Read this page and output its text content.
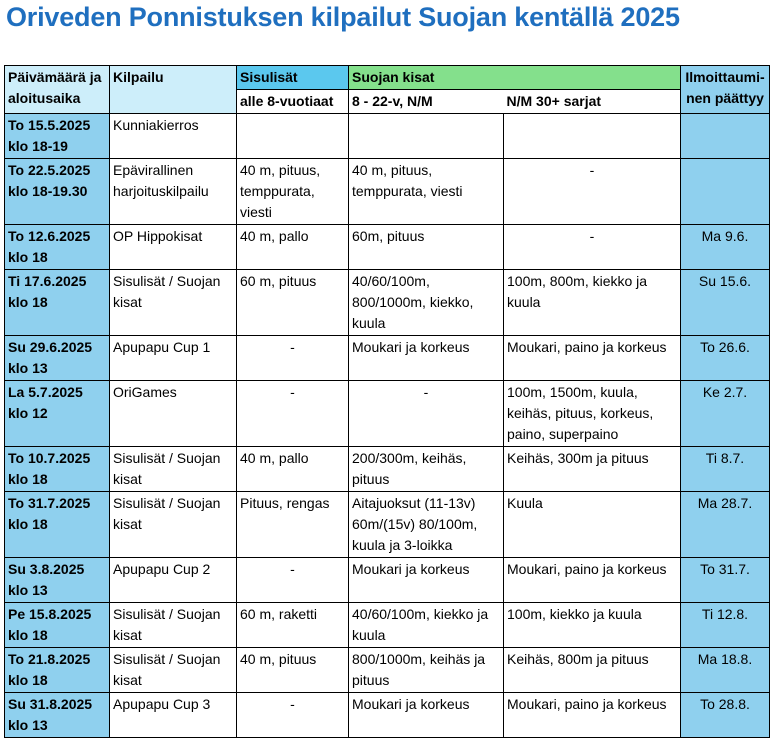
Oriveden Ponnistuksen kilpailut Suojan kentällä 2025
Päivämäärä ja aloitusaika	Kilpailu	Sisulisät	Suojan kisat		Ilmoittaumi-nen päättyy
		alle 8-vuotiaat	8 - 22-v, N/M	N/M 30+ sarjat	
To 15.5.2025 klo 18-19	Kunniakierros				
To 22.5.2025 klo 18-19.30	Epävirallinen harjoituskilpailu	40 m, pituus, temppurata, viesti	40 m, pituus, temppurata, viesti	-	
To 12.6.2025 klo 18	OP Hippokisat	40 m, pallo	60m, pituus	-	Ma 9.6.
Ti 17.6.2025 klo 18	Sisulisät / Suojan kisat	60 m, pituus	40/60/100m, 800/1000m, kiekko, kuula	100m, 800m, kiekko ja kuula	Su 15.6.
Su 29.6.2025 klo 13	Apupapu Cup 1	-	Moukari ja korkeus	Moukari, paino ja korkeus	To 26.6.
La 5.7.2025 klo 12	OriGames	-	-	100m, 1500m, kuula, keihäs, pituus, korkeus, paino, superpaino	Ke 2.7.
To 10.7.2025 klo 18	Sisulisät / Suojan kisat	40 m, pallo	200/300m, keihäs, pituus	Keihäs, 300m ja pituus	Ti 8.7.
To 31.7.2025 klo 18	Sisulisät / Suojan kisat	Pituus, rengas	Aitajuoksut (11-13v) 60m/(15v) 80/100m, kuula ja 3-loikka	Kuula	Ma 28.7.
Su 3.8.2025 klo 13	Apupapu Cup 2	-	Moukari ja korkeus	Moukari, paino ja korkeus	To 31.7.
Pe 15.8.2025 klo 18	Sisulisät / Suojan kisat	60 m, raketti	40/60/100m, kiekko ja kuula	100m, kiekko ja kuula	Ti 12.8.
To 21.8.2025 klo 18	Sisulisät / Suojan kisat	40 m, pituus	800/1000m, keihäs ja pituus	Keihäs, 800m ja pituus	Ma 18.8.
Su 31.8.2025 klo 13	Apupapu Cup 3	-	Moukari ja korkeus	Moukari, paino ja korkeus	To 28.8.
